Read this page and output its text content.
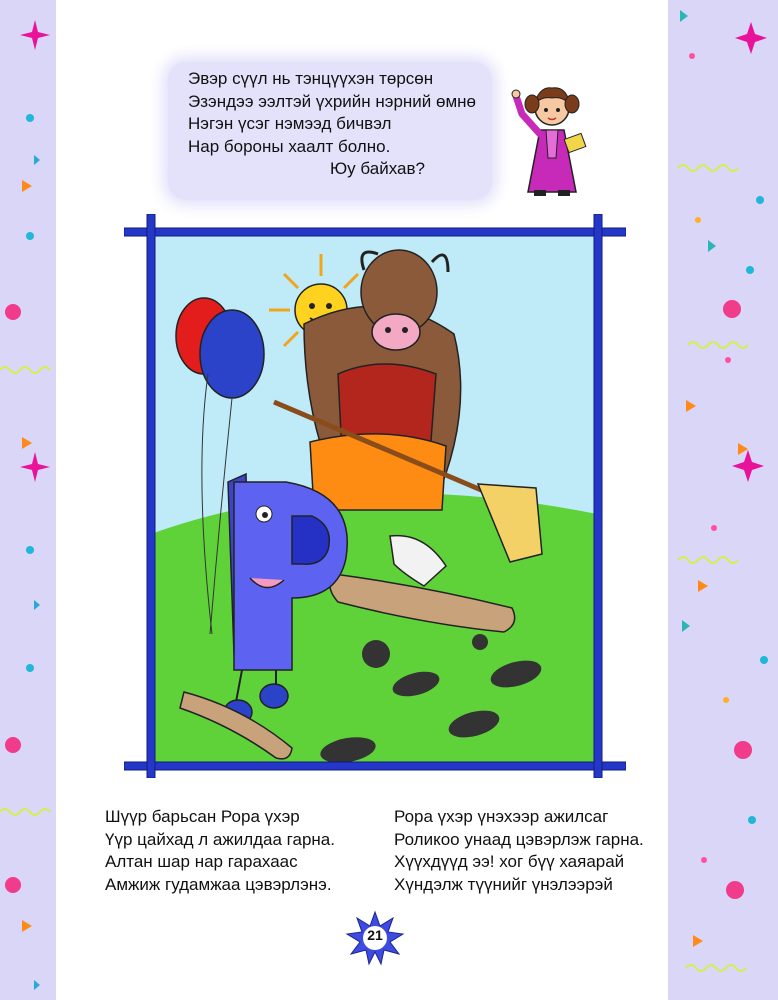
Эвэр сүүл нь тэнцүүхэн төрсөн
Эзэндээ ээлтэй үхрийн нэрний өмнө
Нэгэн үсэг нэмээд бичвэл
Нар бороны хаалт болно.
Юу байхав?
Шүүр барьсан Рора үхэр
Үүр цайхад л ажилдаа гарна.
Алтан шар нар гарахаас
Амжиж гудамжаа цэвэрлэнэ.
Рора үхэр үнэхээр ажилсаг
Роликоо унаад цэвэрлэж гарна.
Хүүхдүүд ээ! хог бүү хаяарай
Хүндэлж түүнийг үнэлээрэй
21
